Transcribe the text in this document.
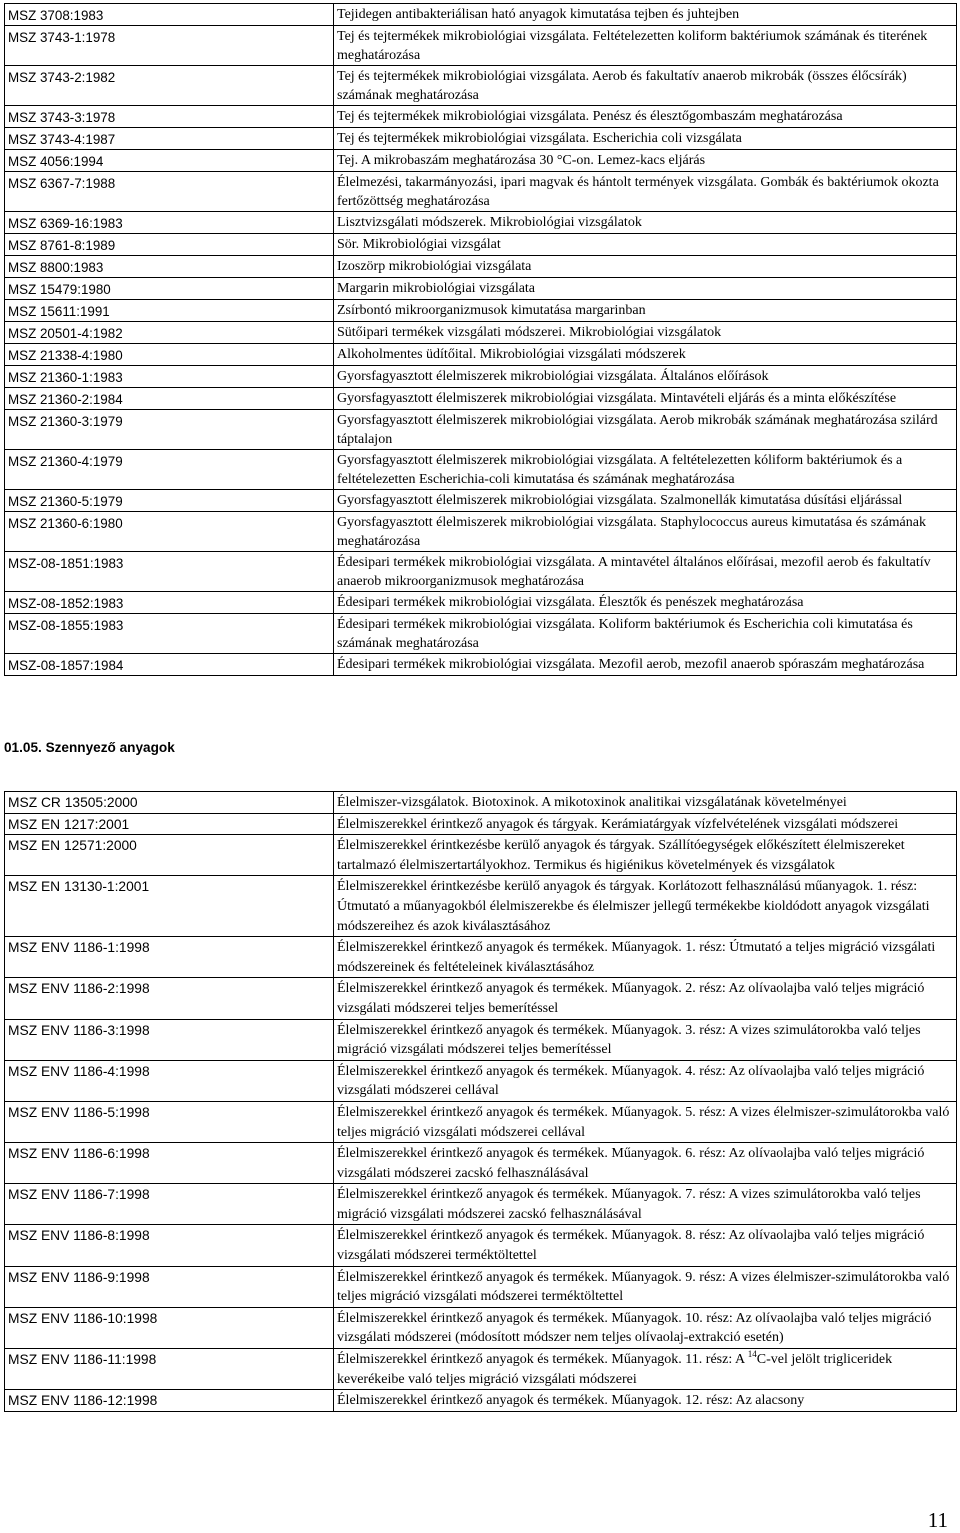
MSZ 3708:1983	Tejidegen antibakteriálisan ható anyagok kimutatása tejben és juhtejben
MSZ 3743-1:1978	Tej és tejtermékek mikrobiológiai vizsgálata. Feltételezetten koliform baktériumok számának és titerének meghatározása
MSZ 3743-2:1982	Tej és tejtermékek mikrobiológiai vizsgálata. Aerob és fakultatív anaerob mikrobák (összes élőcsírák) számának meghatározása
MSZ 3743-3:1978	Tej és tejtermékek mikrobiológiai vizsgálata. Penész és élesztőgombaszám meghatározása
MSZ 3743-4:1987	Tej és tejtermékek mikrobiológiai vizsgálata. Escherichia coli vizsgálata
MSZ 4056:1994	Tej. A mikrobaszám meghatározása 30 °C-on. Lemez-kacs eljárás
MSZ 6367-7:1988	Élelmezési, takarmányozási, ipari magvak és hántolt termények vizsgálata. Gombák és baktériumok okozta fertőzöttség meghatározása
MSZ 6369-16:1983	Lisztvizsgálati módszerek. Mikrobiológiai vizsgálatok
MSZ 8761-8:1989	Sör. Mikrobiológiai vizsgálat
MSZ 8800:1983	Izoszörp mikrobiológiai vizsgálata
MSZ 15479:1980	Margarin mikrobiológiai vizsgálata
MSZ 15611:1991	Zsírbontó mikroorganizmusok kimutatása margarinban
MSZ 20501-4:1982	Sütőipari termékek vizsgálati módszerei. Mikrobiológiai vizsgálatok
MSZ 21338-4:1980	Alkoholmentes üdítőital. Mikrobiológiai vizsgálati módszerek
MSZ 21360-1:1983	Gyorsfagyasztott élelmiszerek mikrobiológiai vizsgálata. Általános előírások
MSZ 21360-2:1984	Gyorsfagyasztott élelmiszerek mikrobiológiai vizsgálata. Mintavételi eljárás és a minta előkészítése
MSZ 21360-3:1979	Gyorsfagyasztott élelmiszerek mikrobiológiai vizsgálata. Aerob mikrobák számának meghatározása szilárd táptalajon
MSZ 21360-4:1979	Gyorsfagyasztott élelmiszerek mikrobiológiai vizsgálata. A feltételezetten kóliform baktériumok és a feltételezetten Escherichia-coli kimutatása és számának meghatározása
MSZ 21360-5:1979	Gyorsfagyasztott élelmiszerek mikrobiológiai vizsgálata. Szalmonellák kimutatása dúsítási eljárással
MSZ 21360-6:1980	Gyorsfagyasztott élelmiszerek mikrobiológiai vizsgálata. Staphylococcus aureus kimutatása és számának meghatározása
MSZ-08-1851:1983	Édesipari termékek mikrobiológiai vizsgálata. A mintavétel általános előírásai, mezofil aerob és fakultatív anaerob mikroorganizmusok meghatározása
MSZ-08-1852:1983	Édesipari termékek mikrobiológiai vizsgálata. Élesztők és penészek meghatározása
MSZ-08-1855:1983	Édesipari termékek mikrobiológiai vizsgálata. Koliform baktériumok és Escherichia coli kimutatása és számának meghatározása
MSZ-08-1857:1984	Édesipari termékek mikrobiológiai vizsgálata. Mezofil aerob, mezofil anaerob spóraszám meghatározása
01.05. Szennyező anyagok
MSZ CR 13505:2000	Élelmiszer-vizsgálatok. Biotoxinok. A mikotoxinok analitikai vizsgálatának követelményei
MSZ EN 1217:2001	Élelmiszerekkel érintkező anyagok és tárgyak. Kerámiatárgyak vízfelvételének vizsgálati módszerei
MSZ EN 12571:2000	Élelmiszerekkel érintkezésbe kerülő anyagok és tárgyak. Szállítóegységek előkészített élelmiszereket tartalmazó élelmiszertartályokhoz. Termikus és higiénikus követelmények és vizsgálatok
MSZ EN 13130-1:2001	Élelmiszerekkel érintkezésbe kerülő anyagok és tárgyak. Korlátozott felhasználású műanyagok. 1. rész: Útmutató a műanyagokból élelmiszerekbe és élelmiszer jellegű termékekbe kioldódott anyagok vizsgálati módszereihez és azok kiválasztásához
MSZ ENV 1186-1:1998	Élelmiszerekkel érintkező anyagok és termékek. Műanyagok. 1. rész: Útmutató a teljes migráció vizsgálati módszereinek és feltételeinek kiválasztásához
MSZ ENV 1186-2:1998	Élelmiszerekkel érintkező anyagok és termékek. Műanyagok. 2. rész: Az olívaolajba való teljes migráció vizsgálati módszerei teljes bemerítéssel
MSZ ENV 1186-3:1998	Élelmiszerekkel érintkező anyagok és termékek. Műanyagok. 3. rész: A vizes szimulátorokba való teljes migráció vizsgálati módszerei teljes bemerítéssel
MSZ ENV 1186-4:1998	Élelmiszerekkel érintkező anyagok és termékek. Műanyagok. 4. rész: Az olívaolajba való teljes migráció vizsgálati módszerei cellával
MSZ ENV 1186-5:1998	Élelmiszerekkel érintkező anyagok és termékek. Műanyagok. 5. rész: A vizes élelmiszer-szimulátorokba való teljes migráció vizsgálati módszerei cellával
MSZ ENV 1186-6:1998	Élelmiszerekkel érintkező anyagok és termékek. Műanyagok. 6. rész: Az olívaolajba való teljes migráció vizsgálati módszerei zacskó felhasználásával
MSZ ENV 1186-7:1998	Élelmiszerekkel érintkező anyagok és termékek. Műanyagok. 7. rész: A vizes szimulátorokba való teljes migráció vizsgálati módszerei zacskó felhasználásával
MSZ ENV 1186-8:1998	Élelmiszerekkel érintkező anyagok és termékek. Műanyagok. 8. rész: Az olívaolajba való teljes migráció vizsgálati módszerei terméktöltettel
MSZ ENV 1186-9:1998	Élelmiszerekkel érintkező anyagok és termékek. Műanyagok. 9. rész: A vizes élelmiszer-szimulátorokba való teljes migráció vizsgálati módszerei terméktöltettel
MSZ ENV 1186-10:1998	Élelmiszerekkel érintkező anyagok és termékek. Műanyagok. 10. rész: Az olívaolajba való teljes migráció vizsgálati módszerei (módosított módszer nem teljes olívaolaj-extrakció esetén)
MSZ ENV 1186-11:1998	Élelmiszerekkel érintkező anyagok és termékek. Műanyagok. 11. rész: A $^{14}$C-vel jelölt trigliceridek keverékeibe való teljes migráció vizsgálati módszerei
MSZ ENV 1186-12:1998	Élelmiszerekkel érintkező anyagok és termékek. Műanyagok. 12. rész: Az alacsony
11
